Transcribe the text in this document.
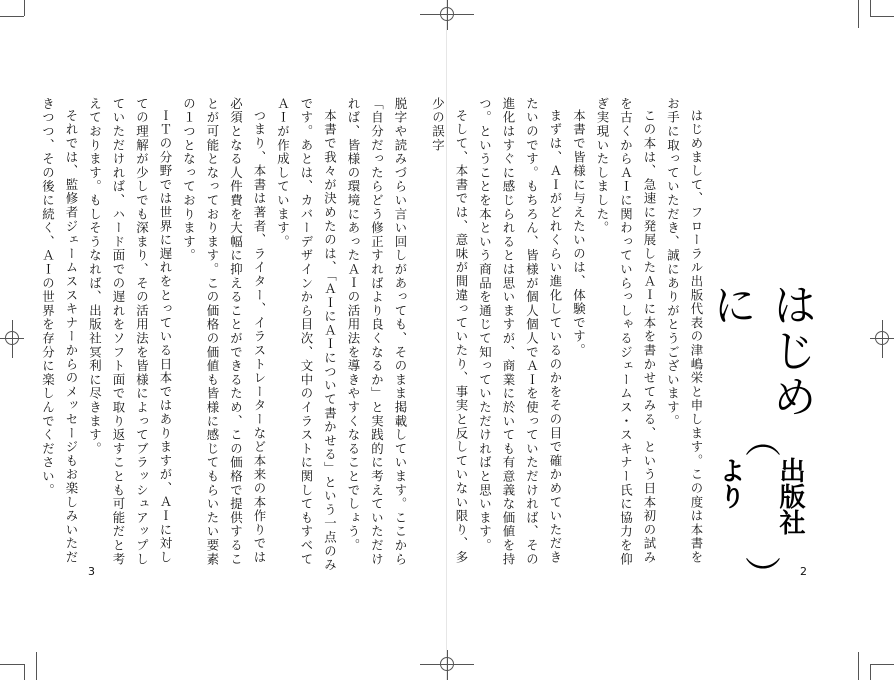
脱字や読みづらい言い回しがあっても、そのまま掲載しています。ここから「自分だったらどう修正すればより良くなるか」と実践的に考えていただければ、皆様の環境にあったＡＩの活用法を導きやすくなることでしょう。

本書で我々が決めたのは、「ＡＩにＡＩについて書かせる」という一点のみです。あとは、カバーデザインから目次、文中のイラストに関してもすべてＡＩが作成しています。

つまり、本書は著者、ライター、イラストレーターなど本来の本作りでは必須となる人件費を大幅に抑えることができるため、この価格で提供することが可能となっております。この価格の価値も皆様に感じてもらいたい要素の１つとなっております。

ＩＴの分野では世界に遅れをとっている日本ではありますが、ＡＩに対しての理解が少しでも深まり、その活用法を皆様によってブラッシュアップしていただければ、ハード面での遅れをソフト面で取り返すことも可能だと考えております。もしそうなれば、出版社冥利に尽きます。

それでは、監修者ジェームススキナーからのメッセージもお楽しみいただきつつ、その後に続く、ＡＩの世界を存分に楽しんでください。

3

はじめまして、フローラル出版代表の津嶋栄と申します。この度は本書をお手に取っていただき、誠にありがとうございます。

この本は、急速に発展したＡＩに本を書かせてみる、という日本初の試みを古くからＡＩに関わっていらっしゃるジェームス・スキナー氏に協力を仰ぎ実現いたしました。

本書で皆様に与えたいのは、体験です。

まずは、ＡＩがどれくらい進化しているのかをその目で確かめていただきたいのです。もちろん、皆様が個人個人でＡＩを使っていただければ、その進化はすぐに感じられるとは思いますが、商業に於いても有意義な価値を持つ。ということを本という商品を通じて知っていただければと思います。

そして、本書では、意味が間違っていたり、事実と反していない限り、多少の誤字

はじめに
（
出版社より
）	2
